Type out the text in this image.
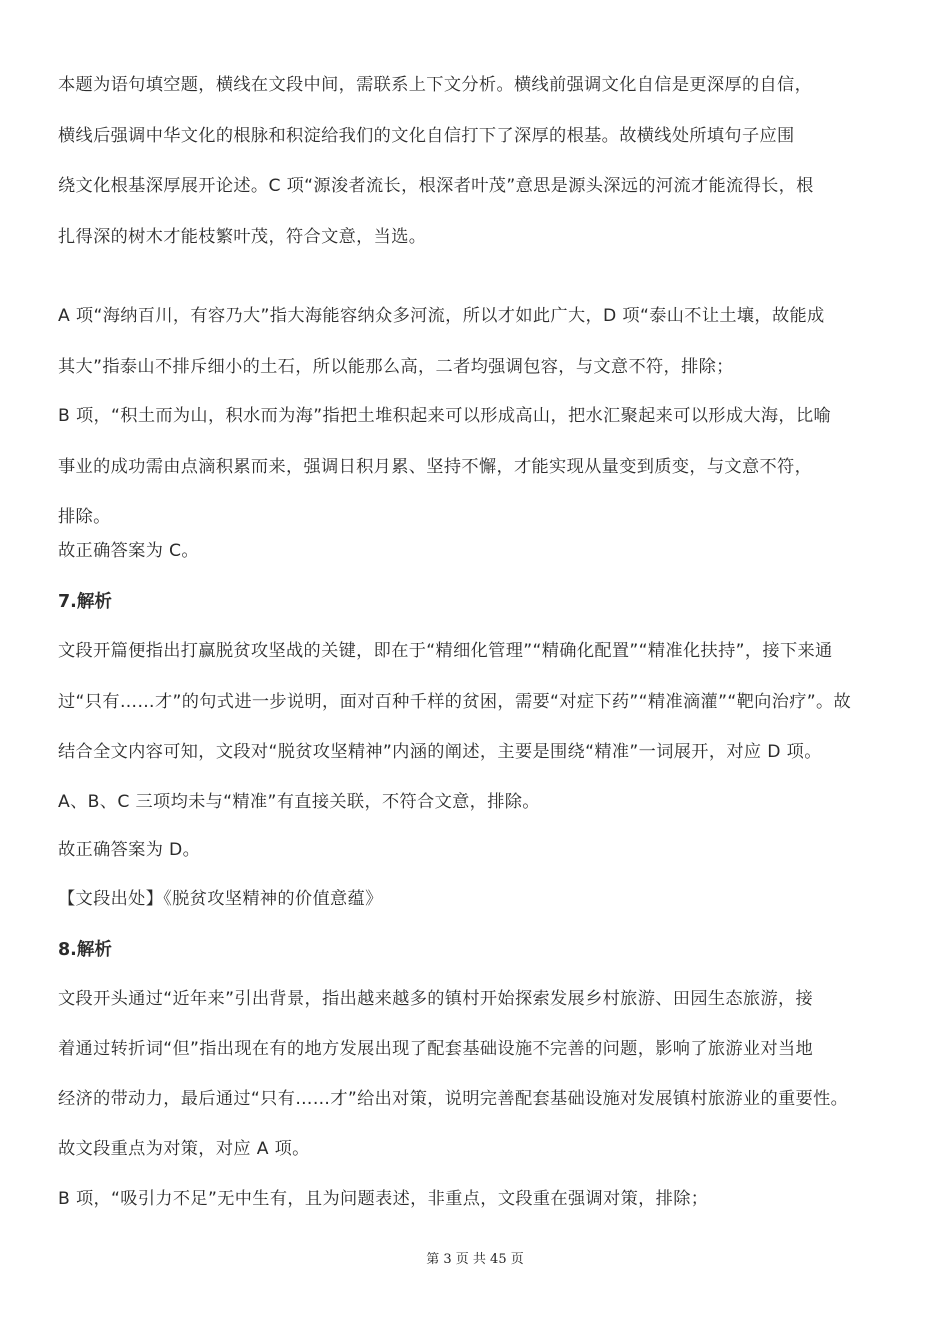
本题为语句填空题，横线在文段中间，需联系上下文分析。横线前强调文化自信是更深厚的自信，

横线后强调中华文化的根脉和积淀给我们的文化自信打下了深厚的根基。故横线处所填句子应围

绕文化根基深厚展开论述。C 项“源浚者流长，根深者叶茂”意思是源头深远的河流才能流得长，根

扎得深的树木才能枝繁叶茂，符合文意，当选。

A 项“海纳百川，有容乃大”指大海能容纳众多河流，所以才如此广大，D 项“泰山不让土壤，故能成

其大”指泰山不排斥细小的土石，所以能那么高，二者均强调包容，与文意不符，排除；

B 项，“积土而为山，积水而为海”指把土堆积起来可以形成高山，把水汇聚起来可以形成大海，比喻

事业的成功需由点滴积累而来，强调日积月累、坚持不懈，才能实现从量变到质变，与文意不符，

排除。

故正确答案为 C。

7.解析

文段开篇便指出打赢脱贫攻坚战的关键，即在于“精细化管理”“精确化配置”“精准化扶持”，接下来通

过“只有……才”的句式进一步说明，面对百种千样的贫困，需要“对症下药”“精准滴灌”“靶向治疗”。故

结合全文内容可知，文段对“脱贫攻坚精神”内涵的阐述，主要是围绕“精准”一词展开，对应 D 项。

A、B、C 三项均未与“精准”有直接关联，不符合文意，排除。

故正确答案为 D。

【文段出处】《脱贫攻坚精神的价值意蕴》

8.解析

文段开头通过“近年来”引出背景，指出越来越多的镇村开始探索发展乡村旅游、田园生态旅游，接

着通过转折词“但”指出现在有的地方发展出现了配套基础设施不完善的问题，影响了旅游业对当地

经济的带动力，最后通过“只有……才”给出对策，说明完善配套基础设施对发展镇村旅游业的重要性。

故文段重点为对策，对应 A 项。

B 项，“吸引力不足”无中生有，且为问题表述，非重点，文段重在强调对策，排除；

第 3 页 共 45 页
